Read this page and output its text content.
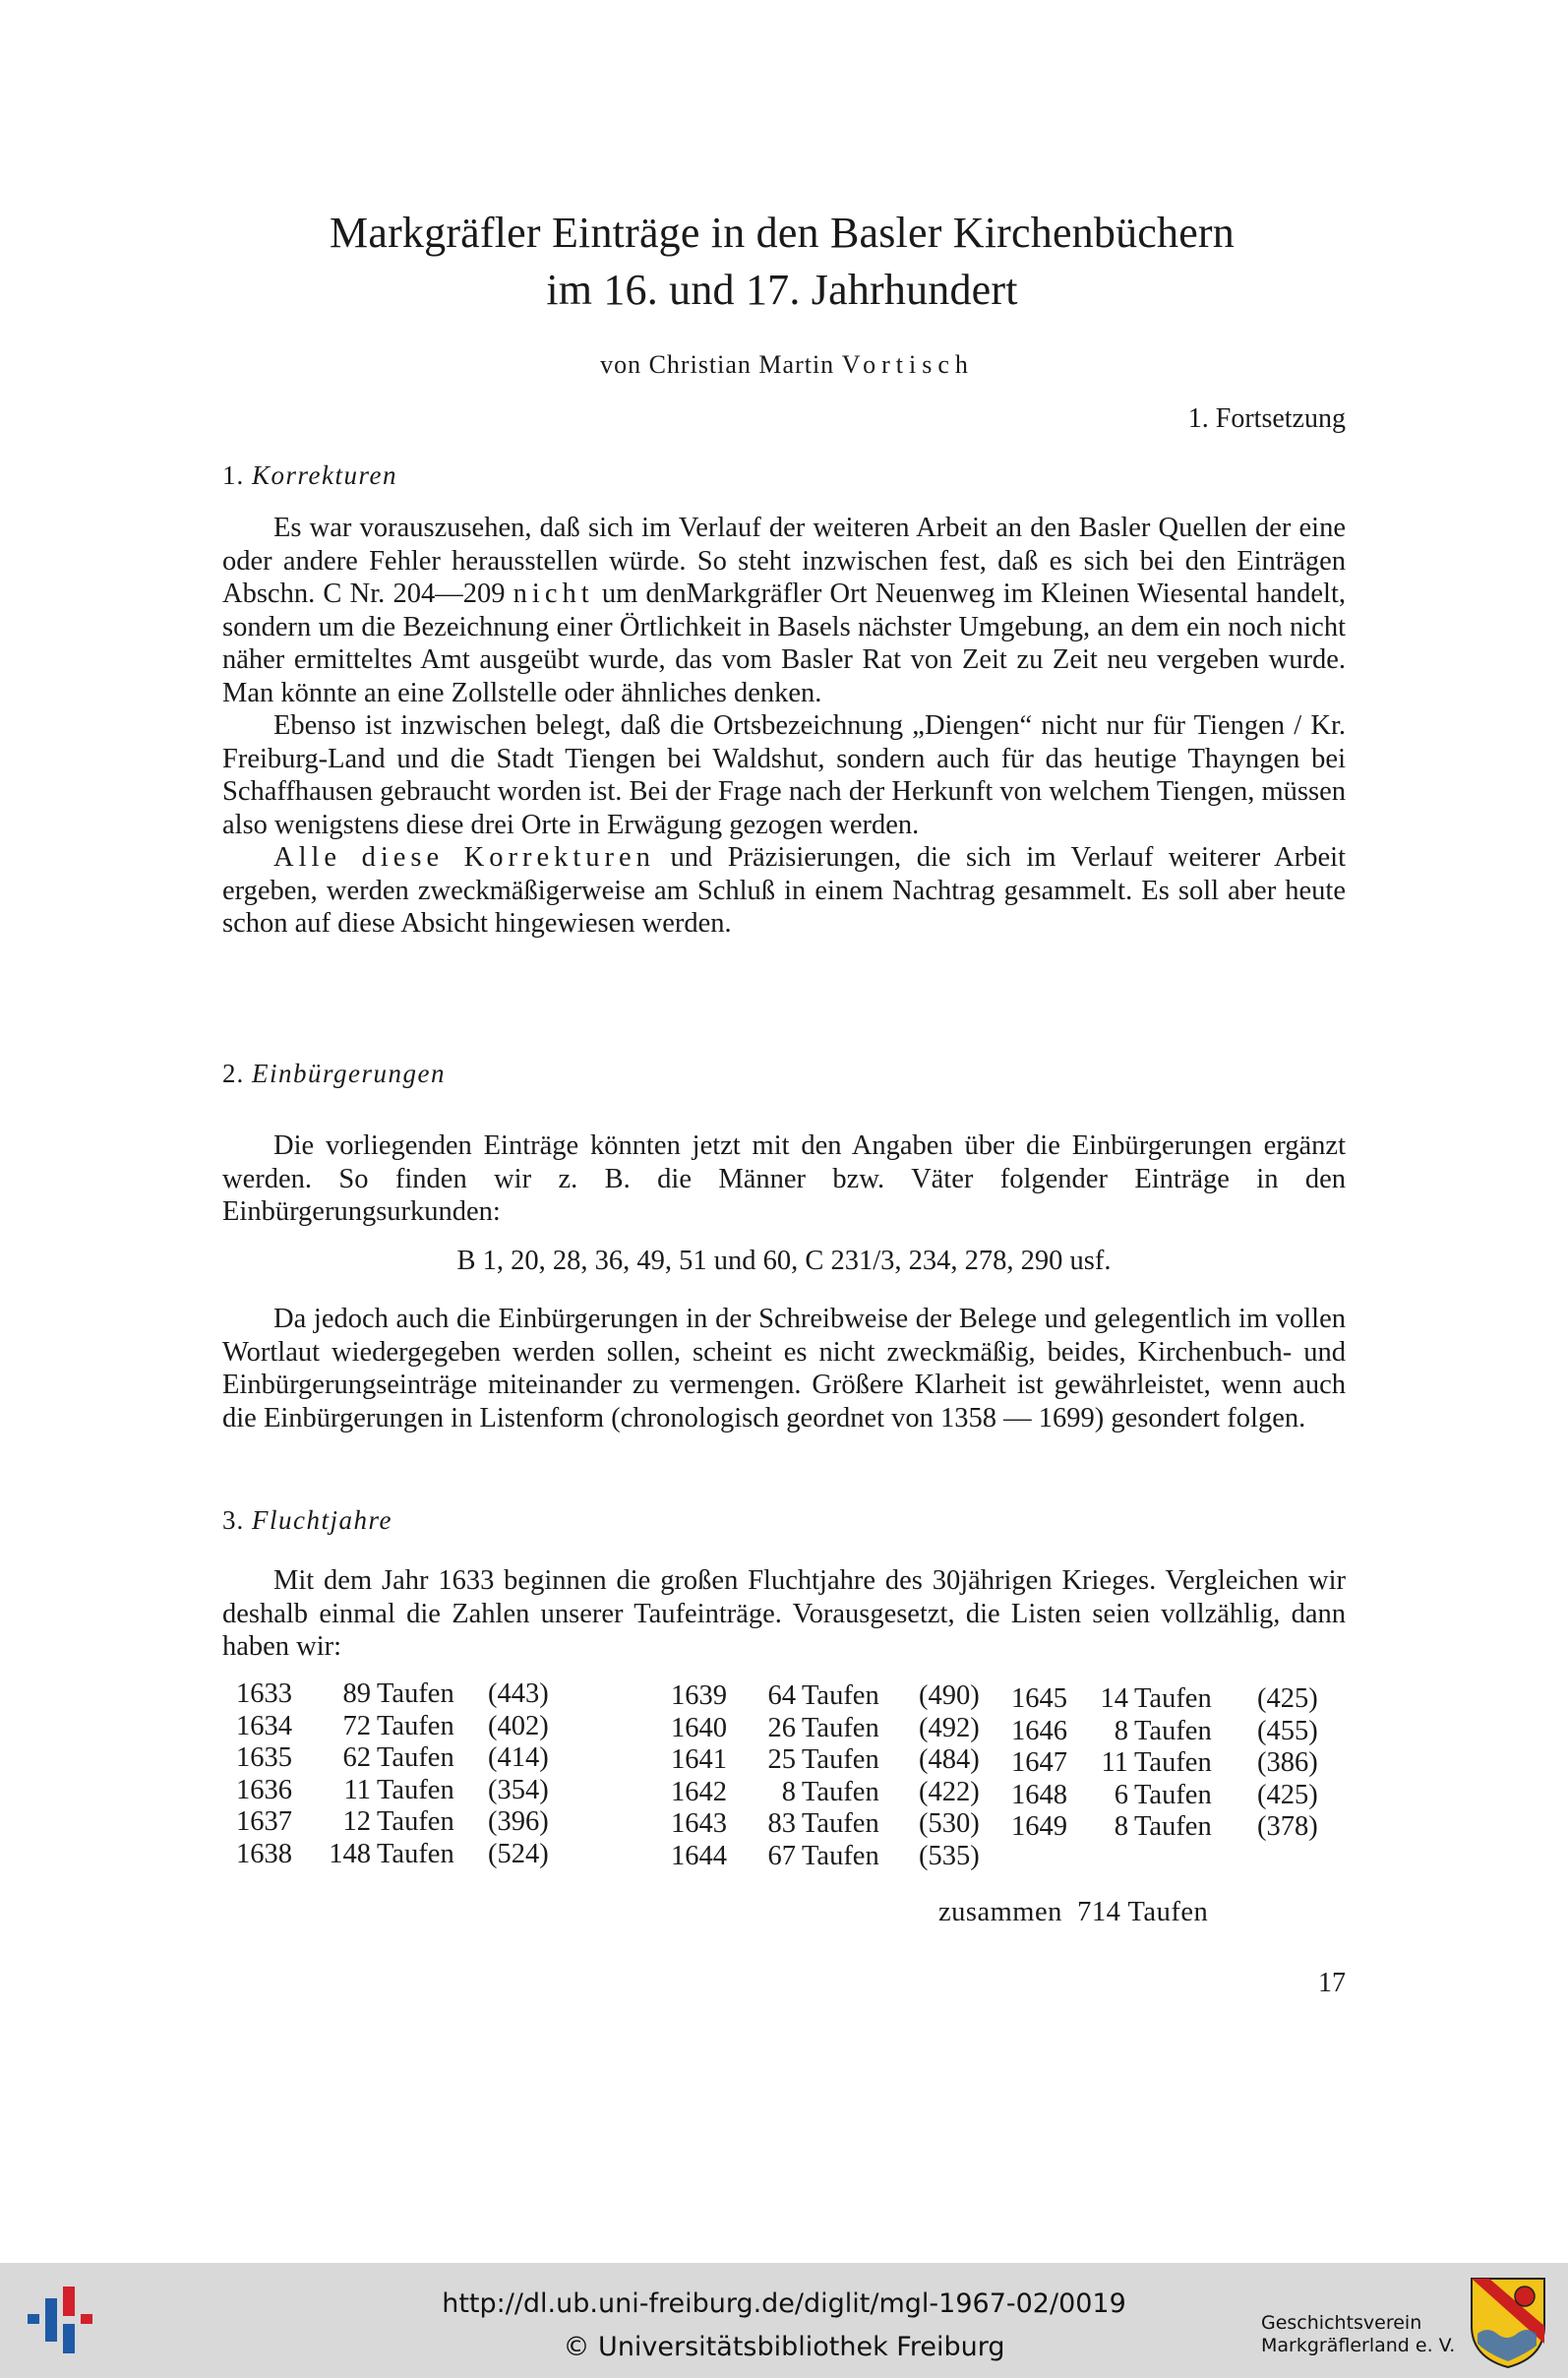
Markgräfler Einträge in den Basler Kirchenbüchern
im 16. und 17. Jahrhundert
von Christian Martin Vortisch
1. Fortsetzung
1. Korrekturen

Es war vorauszusehen, daß sich im Verlauf der weiteren Arbeit an den Basler Quellen der eine oder andere Fehler herausstellen würde. So steht inzwischen fest, daß es sich bei den Einträgen Abschn. C Nr. 204—209 nicht um denMarkgräfler Ort Neuenweg im Kleinen Wiesental handelt, sondern um die Bezeichnung einer Örtlichkeit in Basels nächster Umgebung, an dem ein noch nicht näher ermitteltes Amt ausgeübt wurde, das vom Basler Rat von Zeit zu Zeit neu vergeben wurde. Man könnte an eine Zollstelle oder ähnliches denken.

Ebenso ist inzwischen belegt, daß die Ortsbezeichnung „Diengen“ nicht nur für Tiengen / Kr. Freiburg-Land und die Stadt Tiengen bei Waldshut, sondern auch für das heutige Thayngen bei Schaffhausen gebraucht worden ist. Bei der Frage nach der Herkunft von welchem Tiengen, müssen also wenigstens diese drei Orte in Erwägung gezogen werden.

Alle diese Korrekturen und Präzisierungen, die sich im Verlauf weiterer Arbeit ergeben, werden zweckmäßigerweise am Schluß in einem Nachtrag gesammelt. Es soll aber heute schon auf diese Absicht hingewiesen werden.

2. Einbürgerungen

Die vorliegenden Einträge könnten jetzt mit den Angaben über die Einbürgerungen ergänzt werden. So finden wir z. B. die Männer bzw. Väter folgender Einträge in den Einbürgerungsurkunden:

B 1, 20, 28, 36, 49, 51 und 60, C 231/3, 234, 278, 290 usf.

Da jedoch auch die Einbürgerungen in der Schreibweise der Belege und gelegentlich im vollen Wortlaut wiedergegeben werden sollen, scheint es nicht zweckmäßig, beides, Kirchenbuch- und Einbürgerungseinträge miteinander zu vermengen. Größere Klarheit ist gewährleistet, wenn auch die Einbürgerungen in Listenform (chronologisch geordnet von 1358 — 1699) gesondert folgen.

3. Fluchtjahre

Mit dem Jahr 1633 beginnen die großen Fluchtjahre des 30jährigen Krieges. Vergleichen wir deshalb einmal die Zahlen unserer Taufeinträge. Vorausgesetzt, die Listen seien vollzählig, dann haben wir:

1633 89 Taufen (443)
1634 72 Taufen (402)
1635 62 Taufen (414)
1636 11 Taufen (354)
1637 12 Taufen (396)
1638 148 Taufen (524)
1639 64 Taufen (490)
1640 26 Taufen (492)
1641 25 Taufen (484)
1642 8 Taufen (422)
1643 83 Taufen (530)
1644 67 Taufen (535)
1645 14 Taufen (425)
1646 8 Taufen (455)
1647 11 Taufen (386)
1648 6 Taufen (425)
1649 8 Taufen (378)
zusammen 714 Taufen
17
http://dl.ub.uni-freiburg.de/diglit/mgl-1967-02/0019
© Universitätsbibliothek Freiburg
Geschichtsverein
Markgräflerland e. V.
